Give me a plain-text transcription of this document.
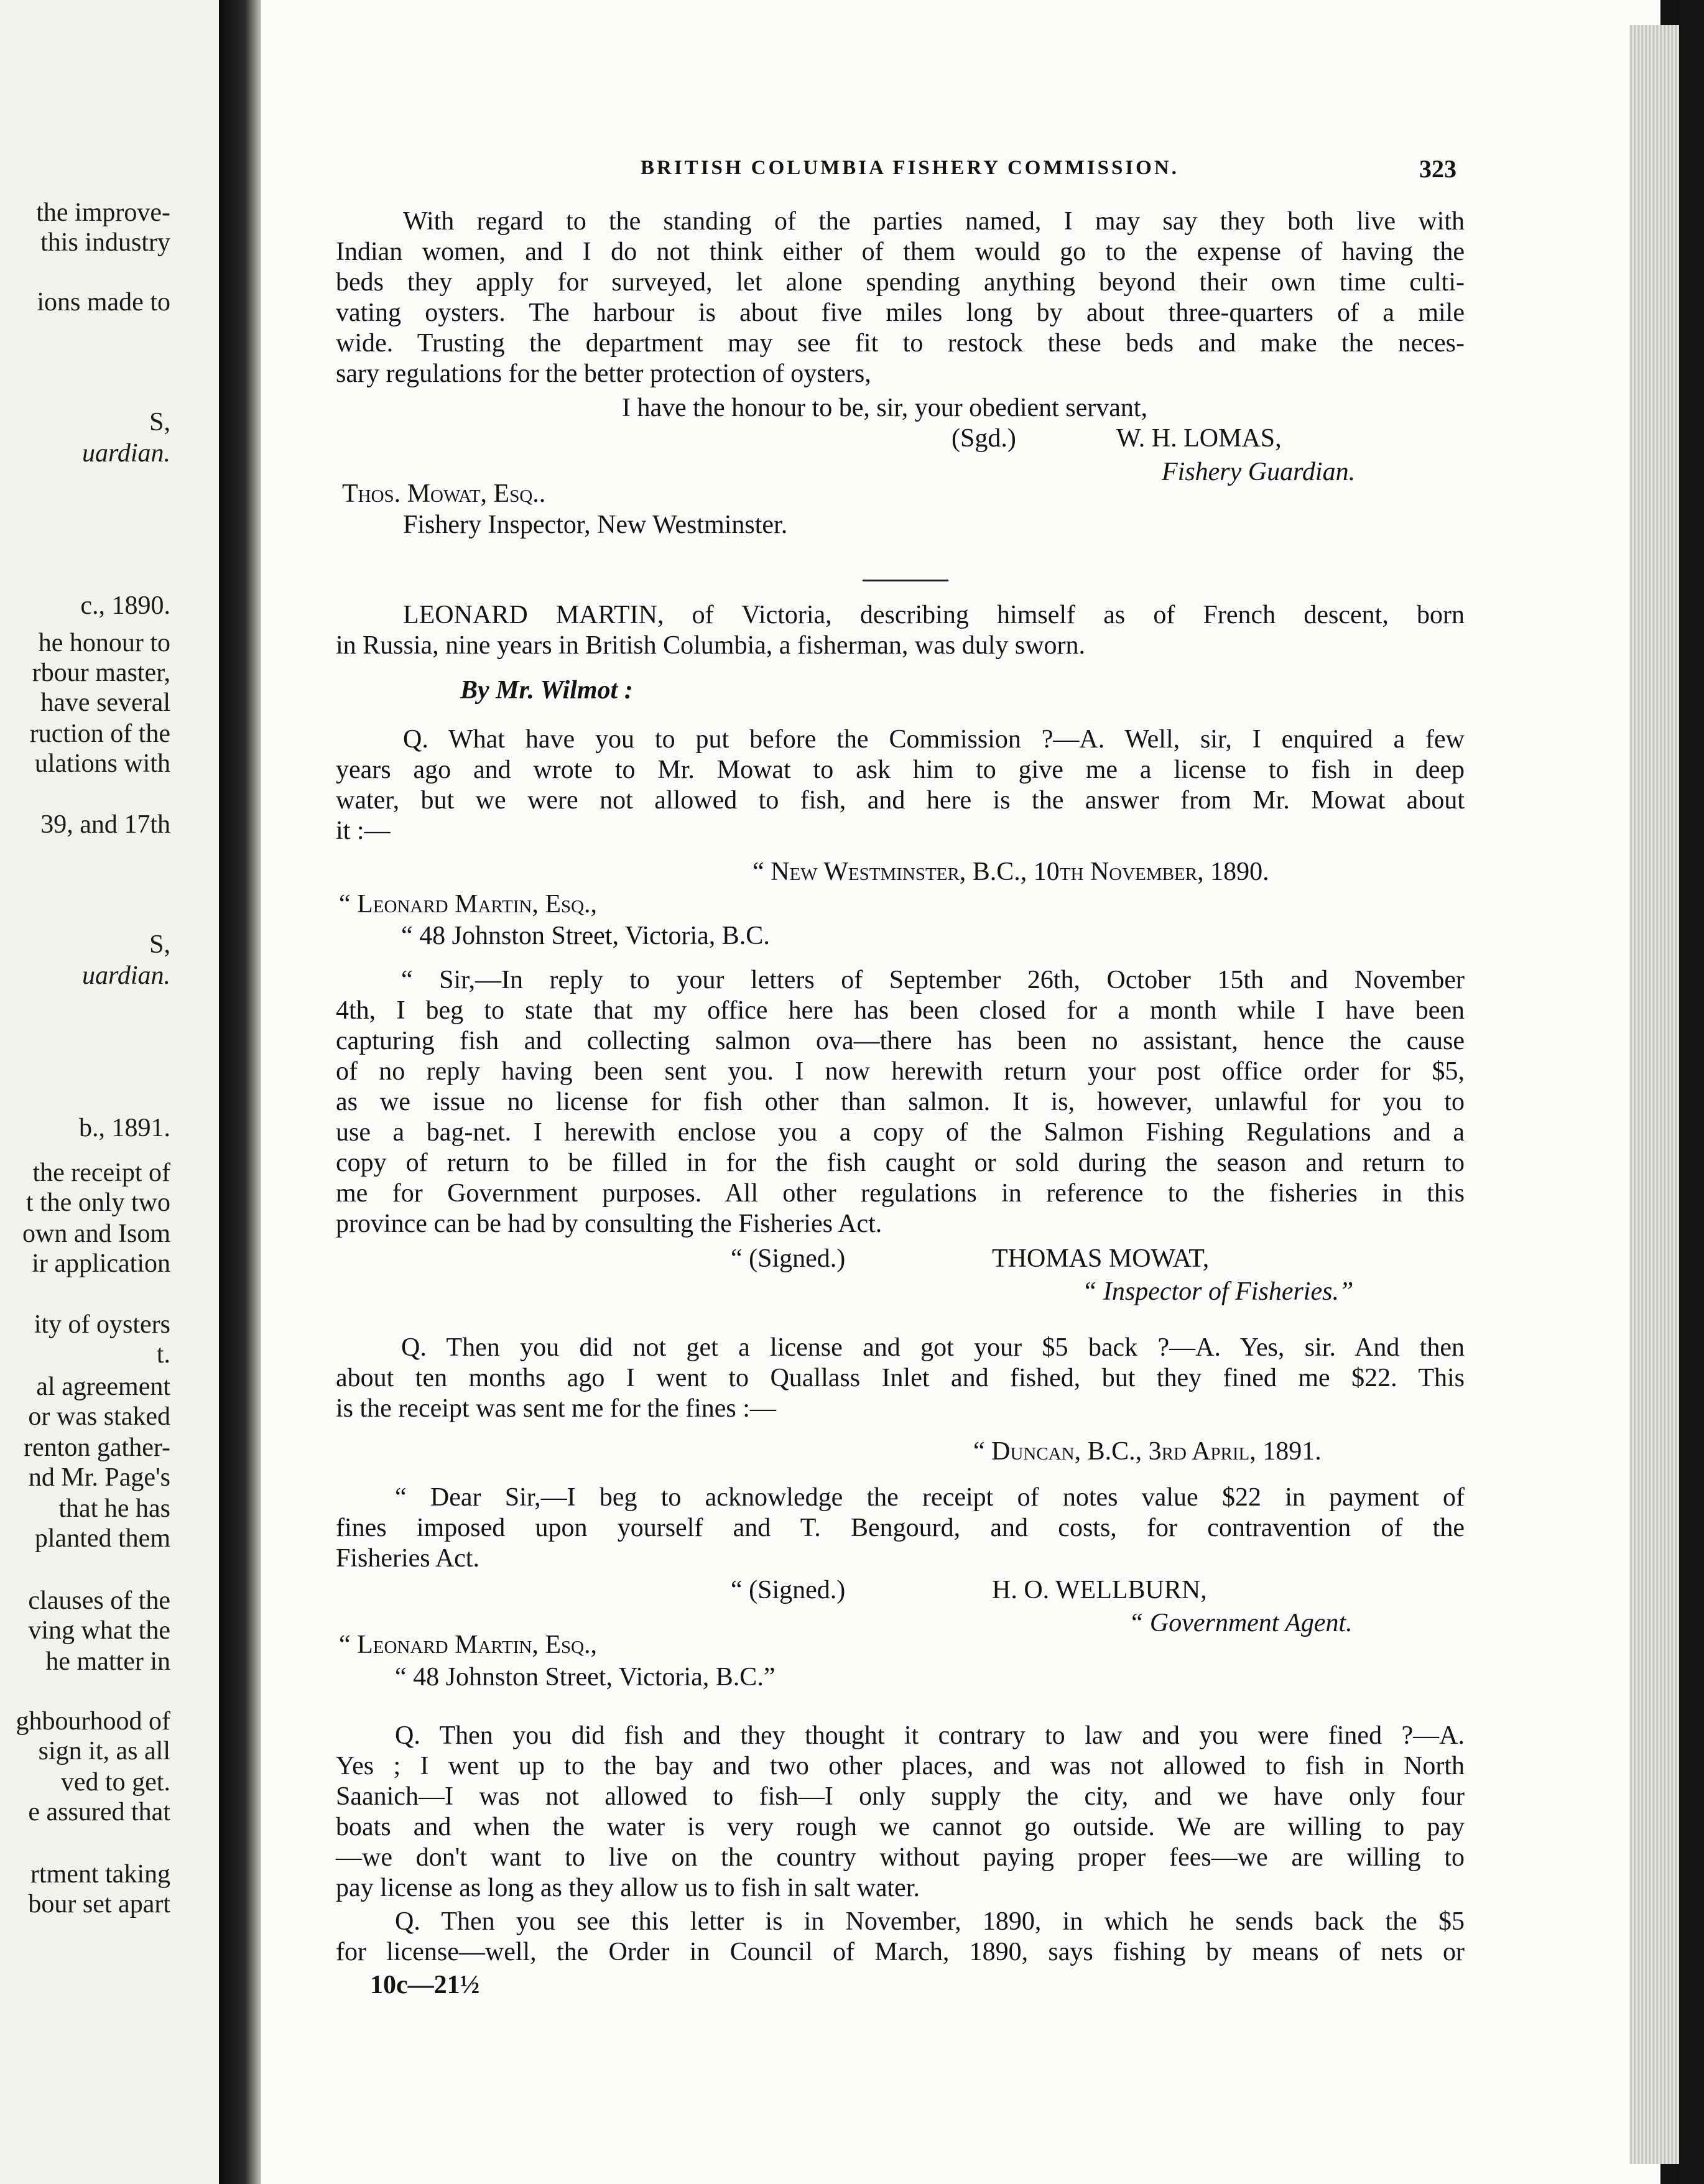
the improve-
this industry
ions made to
S,
uardian.
c., 1890.
he honour to
rbour master,
have several
ruction of the
ulations with
39, and 17th
S,
uardian.
b., 1891.
the receipt of
t the only two
own and Isom
ir application
ity of oysters
t.
al agreement
or was staked
renton gather-
nd Mr. Page's
that he has
planted them
clauses of the
ving what the
he matter in
ghbourhood of
sign it, as all
ved to get.
e assured that
rtment taking
bour set apart
BRITISH COLUMBIA FISHERY COMMISSION.	323
With regard to the standing of the parties named, I may say they both live with
Indian women, and I do not think either of them would go to the expense of having the
beds they apply for surveyed, let alone spending anything beyond their own time culti-
vating oysters. The harbour is about five miles long by about three-quarters of a mile
wide. Trusting the department may see fit to restock these beds and make the neces-
sary regulations for the better protection of oysters,
I have the honour to be, sir, your obedient servant,
(Sgd.)	W. H. LOMAS,
Fishery Guardian.
Thos. Mowat, Esq..
Fishery Inspector, New Westminster.
LEONARD MARTIN, of Victoria, describing himself as of French descent, born
in Russia, nine years in British Columbia, a fisherman, was duly sworn.
By Mr. Wilmot :
Q. What have you to put before the Commission ?—A. Well, sir, I enquired a few
years ago and wrote to Mr. Mowat to ask him to give me a license to fish in deep
water, but we were not allowed to fish, and here is the answer from Mr. Mowat about
it :—
“ New Westminster, B.C., 10th November, 1890.
“ Leonard Martin, Esq.,
“ 48 Johnston Street, Victoria, B.C.
“ Sir,—In reply to your letters of September 26th, October 15th and November
4th, I beg to state that my office here has been closed for a month while I have been
capturing fish and collecting salmon ova—there has been no assistant, hence the cause
of no reply having been sent you. I now herewith return your post office order for $5,
as we issue no license for fish other than salmon. It is, however, unlawful for you to
use a bag-net. I herewith enclose you a copy of the Salmon Fishing Regulations and a
copy of return to be filled in for the fish caught or sold during the season and return to
me for Government purposes. All other regulations in reference to the fisheries in this
province can be had by consulting the Fisheries Act.
“ (Signed.)	THOMAS MOWAT,
“ Inspector of Fisheries.”
Q. Then you did not get a license and got your $5 back ?—A. Yes, sir. And then
about ten months ago I went to Quallass Inlet and fished, but they fined me $22. This
is the receipt was sent me for the fines :—
“ Duncan, B.C., 3rd April, 1891.
“ Dear Sir,—I beg to acknowledge the receipt of notes value $22 in payment of
fines imposed upon yourself and T. Bengourd, and costs, for contravention of the
Fisheries Act.
“ (Signed.)	H. O. WELLBURN,
“ Government Agent.
“ Leonard Martin, Esq.,
“ 48 Johnston Street, Victoria, B.C.”
Q. Then you did fish and they thought it contrary to law and you were fined ?—A.
Yes ; I went up to the bay and two other places, and was not allowed to fish in North
Saanich—I was not allowed to fish—I only supply the city, and we have only four
boats and when the water is very rough we cannot go outside. We are willing to pay
—we don't want to live on the country without paying proper fees—we are willing to
pay license as long as they allow us to fish in salt water.
Q. Then you see this letter is in November, 1890, in which he sends back the $5
for license—well, the Order in Council of March, 1890, says fishing by means of nets or
10c—21½
